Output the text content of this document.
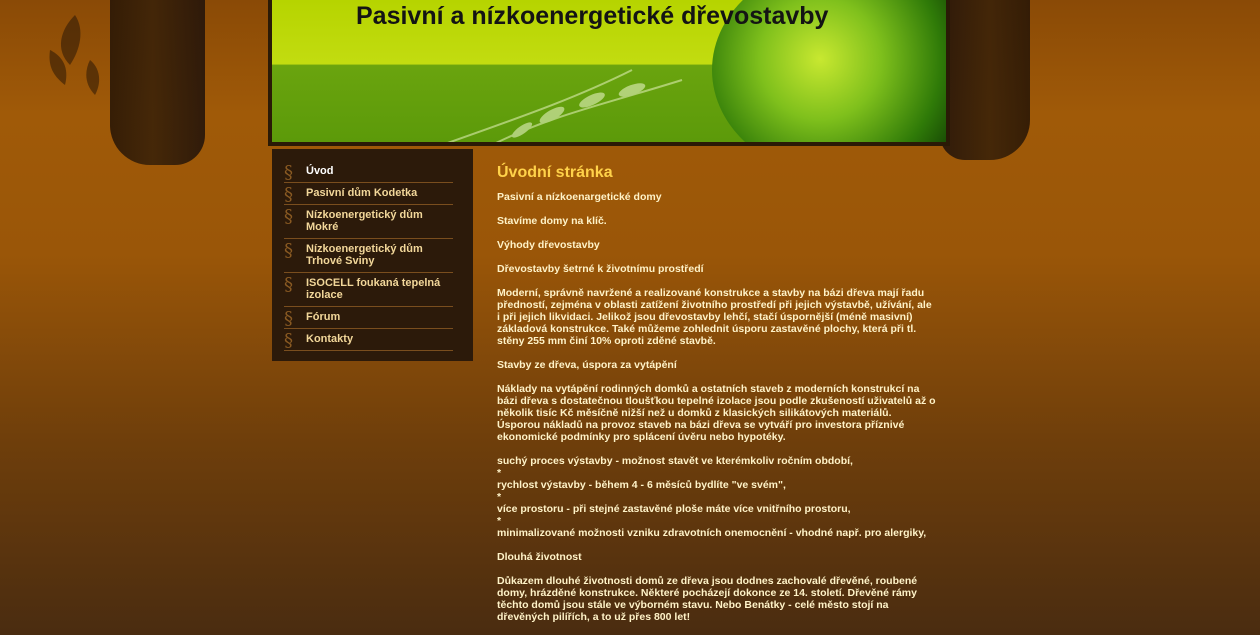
Pasivní a nízkoenergetické dřevostavby
§ Úvod
§ Pasivní dům Kodetka
§ Nízkoenergetický dům Mokré
§ Nízkoenergetický dům Trhové Sviny
§ ISOCELL foukaná tepelná izolace
§ Fórum
§ Kontakty
Úvodní stránka

Pasivní a nízkoenargetické domy

Stavíme domy na klíč.

Výhody dřevostavby

Dřevostavby šetrné k životnímu prostředí

Moderní, správně navržené a realizované konstrukce a stavby na bázi dřeva mají řadu předností, zejména v oblasti zatížení životního prostředí při jejich výstavbě, užívání, ale i při jejich likvidaci. Jelikož jsou dřevostavby lehčí, stačí úspornější (méně masivní) základová konstrukce. Také můžeme zohlednit úsporu zastavěné plochy, která při tl. stěny 255 mm činí 10% oproti zděné stavbě.

Stavby ze dřeva, úspora za vytápění

Náklady na vytápění rodinných domků a ostatních staveb z moderních konstrukcí na bázi dřeva s dostatečnou tloušťkou tepelné izolace jsou podle zkušeností uživatelů až o několik tisíc Kč měsíčně nižší než u domků z klasických silikátových materiálů. Úsporou nákladů na provoz staveb na bázi dřeva se vytváří pro investora příznivé ekonomické podmínky pro splácení úvěru nebo hypotéky.

suchý proces výstavby - možnost stavět ve kterémkoliv ročním období,

*

rychlost výstavby - během 4 - 6 měsíců bydlíte "ve svém",

*

více prostoru - při stejné zastavěné ploše máte více vnitřního prostoru,

*

minimalizované možnosti vzniku zdravotních onemocnění - vhodné např. pro alergiky,

Dlouhá životnost

Důkazem dlouhé životnosti domů ze dřeva jsou dodnes zachovalé dřevěné, roubené domy, hrázděné konstrukce. Některé pocházejí dokonce ze 14. století. Dřevěné rámy těchto domů jsou stále ve výborném stavu. Nebo Benátky - celé město stojí na dřevěných pilířích, a to už přes 800 let!
